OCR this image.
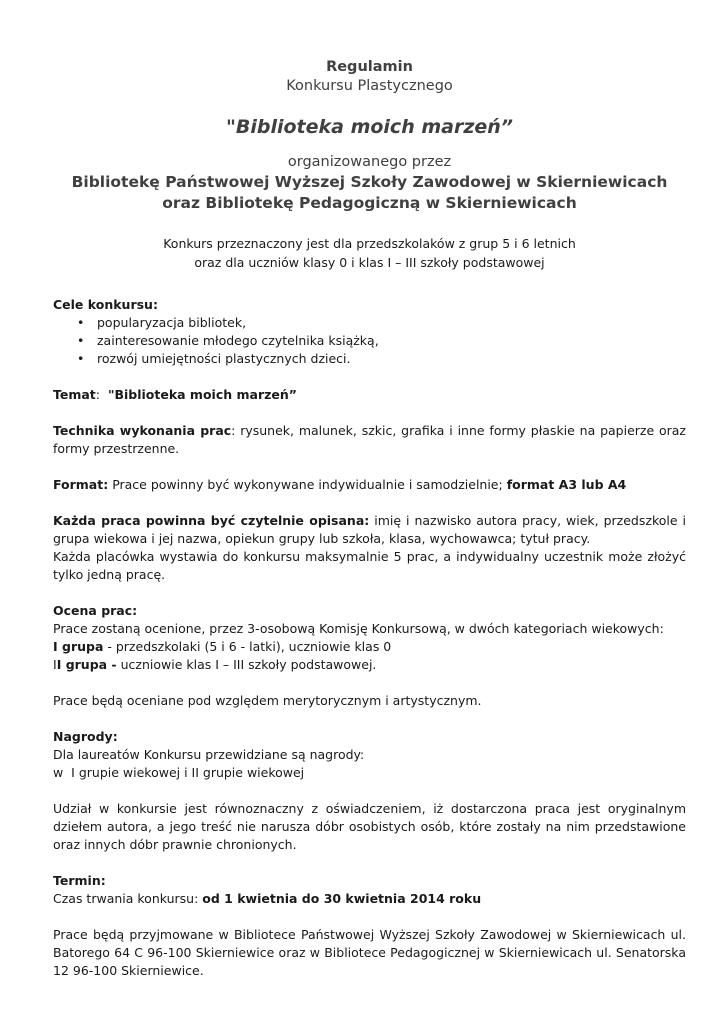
Regulamin
Konkursu Plastycznego
"Biblioteka moich marzeń”
organizowanego przez
Bibliotekę Państwowej Wyższej Szkoły Zawodowej w Skierniewicach
oraz Bibliotekę Pedagogiczną w Skierniewicach
Konkurs przeznaczony jest dla przedszkolaków z grup 5 i 6 letnich
oraz dla uczniów klasy 0 i klas I – III szkoły podstawowej
Cele konkursu:
• popularyzacja bibliotek,
• zainteresowanie młodego czytelnika książką,
• rozwój umiejętności plastycznych dzieci.
Temat:  "Biblioteka moich marzeń”
Technika wykonania prac: rysunek, malunek, szkic, grafika i inne formy płaskie na papierze oraz formy przestrzenne.
Format: Prace powinny być wykonywane indywidualnie i samodzielnie; format A3 lub A4

Każda praca powinna być czytelnie opisana: imię i nazwisko autora pracy, wiek, przedszkole i grupa wiekowa i jej nazwa, opiekun grupy lub szkoła, klasa, wychowawca; tytuł pracy.

Każda placówka wystawia do konkursu maksymalnie 5 prac, a indywidualny uczestnik może złożyć tylko jedną pracę.

Ocena prac:
Prace zostaną ocenione, przez 3-osobową Komisję Konkursową, w dwóch kategoriach wiekowych:
I grupa - przedszkolaki (5 i 6 - latki), uczniowie klas 0
II grupa - uczniowie klas I – III szkoły podstawowej.
Prace będą oceniane pod względem merytorycznym i artystycznym.
Nagrody:
Dla laureatów Konkursu przewidziane są nagrody:
w  I grupie wiekowej i II grupie wiekowej
Udział w konkursie jest równoznaczny z oświadczeniem, iż dostarczona praca jest oryginalnym dziełem autora, a jego treść nie narusza dóbr osobistych osób, które zostały na nim przedstawione oraz innych dóbr prawnie chronionych.
Termin:
Czas trwania konkursu: od 1 kwietnia do 30 kwietnia 2014 roku
Prace będą przyjmowane w Bibliotece Państwowej Wyższej Szkoły Zawodowej w Skierniewicach ul. Batorego 64 C 96-100 Skierniewice oraz w Bibliotece Pedagogicznej w Skierniewicach ul. Senatorska 12 96-100 Skierniewice.
